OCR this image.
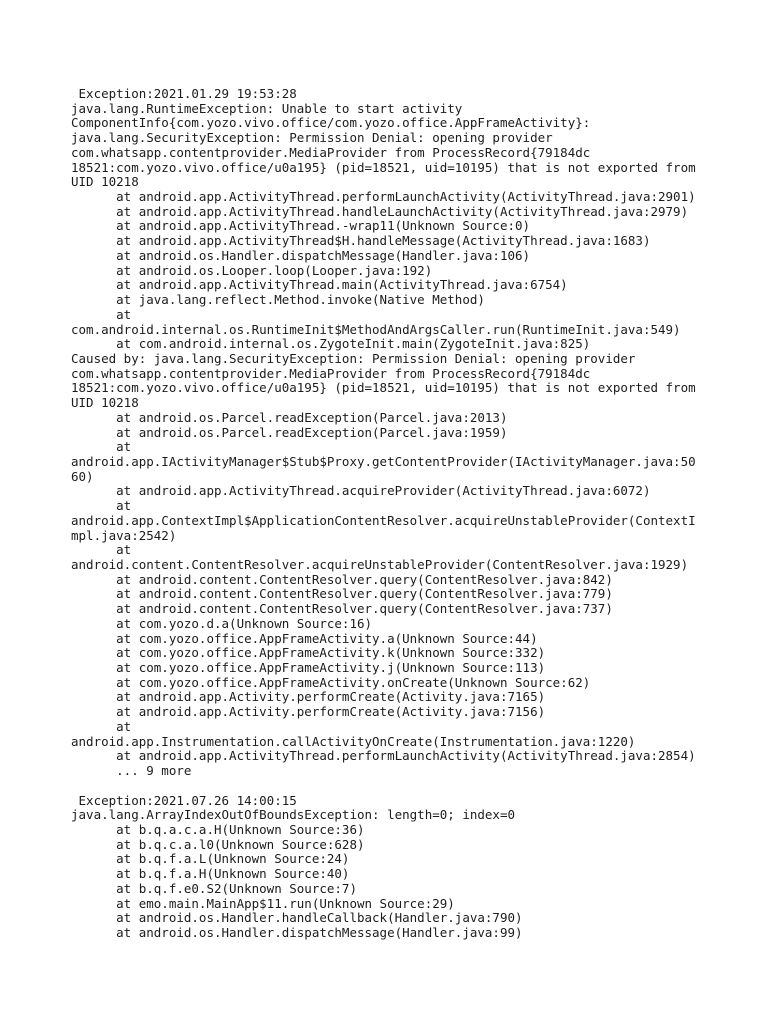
Exception:2021.01.29 19:53:28
java.lang.RuntimeException: Unable to start activity
ComponentInfo{com.yozo.vivo.office/com.yozo.office.AppFrameActivity}:
java.lang.SecurityException: Permission Denial: opening provider
com.whatsapp.contentprovider.MediaProvider from ProcessRecord{79184dc
18521:com.yozo.vivo.office/u0a195} (pid=18521, uid=10195) that is not exported from
UID 10218
at android.app.ActivityThread.performLaunchActivity(ActivityThread.java:2901)
at android.app.ActivityThread.handleLaunchActivity(ActivityThread.java:2979)
at android.app.ActivityThread.-wrap11(Unknown Source:0)
at android.app.ActivityThread$H.handleMessage(ActivityThread.java:1683)
at android.os.Handler.dispatchMessage(Handler.java:106)
at android.os.Looper.loop(Looper.java:192)
at android.app.ActivityThread.main(ActivityThread.java:6754)
at java.lang.reflect.Method.invoke(Native Method)
at
com.android.internal.os.RuntimeInit$MethodAndArgsCaller.run(RuntimeInit.java:549)
at com.android.internal.os.ZygoteInit.main(ZygoteInit.java:825)
Caused by: java.lang.SecurityException: Permission Denial: opening provider
com.whatsapp.contentprovider.MediaProvider from ProcessRecord{79184dc
18521:com.yozo.vivo.office/u0a195} (pid=18521, uid=10195) that is not exported from
UID 10218
at android.os.Parcel.readException(Parcel.java:2013)
at android.os.Parcel.readException(Parcel.java:1959)
at
android.app.IActivityManager$Stub$Proxy.getContentProvider(IActivityManager.java:50
60)
at android.app.ActivityThread.acquireProvider(ActivityThread.java:6072)
at
android.app.ContextImpl$ApplicationContentResolver.acquireUnstableProvider(ContextI
mpl.java:2542)
at
android.content.ContentResolver.acquireUnstableProvider(ContentResolver.java:1929)
at android.content.ContentResolver.query(ContentResolver.java:842)
at android.content.ContentResolver.query(ContentResolver.java:779)
at android.content.ContentResolver.query(ContentResolver.java:737)
at com.yozo.d.a(Unknown Source:16)
at com.yozo.office.AppFrameActivity.a(Unknown Source:44)
at com.yozo.office.AppFrameActivity.k(Unknown Source:332)
at com.yozo.office.AppFrameActivity.j(Unknown Source:113)
at com.yozo.office.AppFrameActivity.onCreate(Unknown Source:62)
at android.app.Activity.performCreate(Activity.java:7165)
at android.app.Activity.performCreate(Activity.java:7156)
at
android.app.Instrumentation.callActivityOnCreate(Instrumentation.java:1220)
at android.app.ActivityThread.performLaunchActivity(ActivityThread.java:2854)
... 9 more
Exception:2021.07.26 14:00:15
java.lang.ArrayIndexOutOfBoundsException: length=0; index=0
at b.q.a.c.a.H(Unknown Source:36)
at b.q.c.a.l0(Unknown Source:628)
at b.q.f.a.L(Unknown Source:24)
at b.q.f.a.H(Unknown Source:40)
at b.q.f.e0.S2(Unknown Source:7)
at emo.main.MainApp$11.run(Unknown Source:29)
at android.os.Handler.handleCallback(Handler.java:790)
at android.os.Handler.dispatchMessage(Handler.java:99)
